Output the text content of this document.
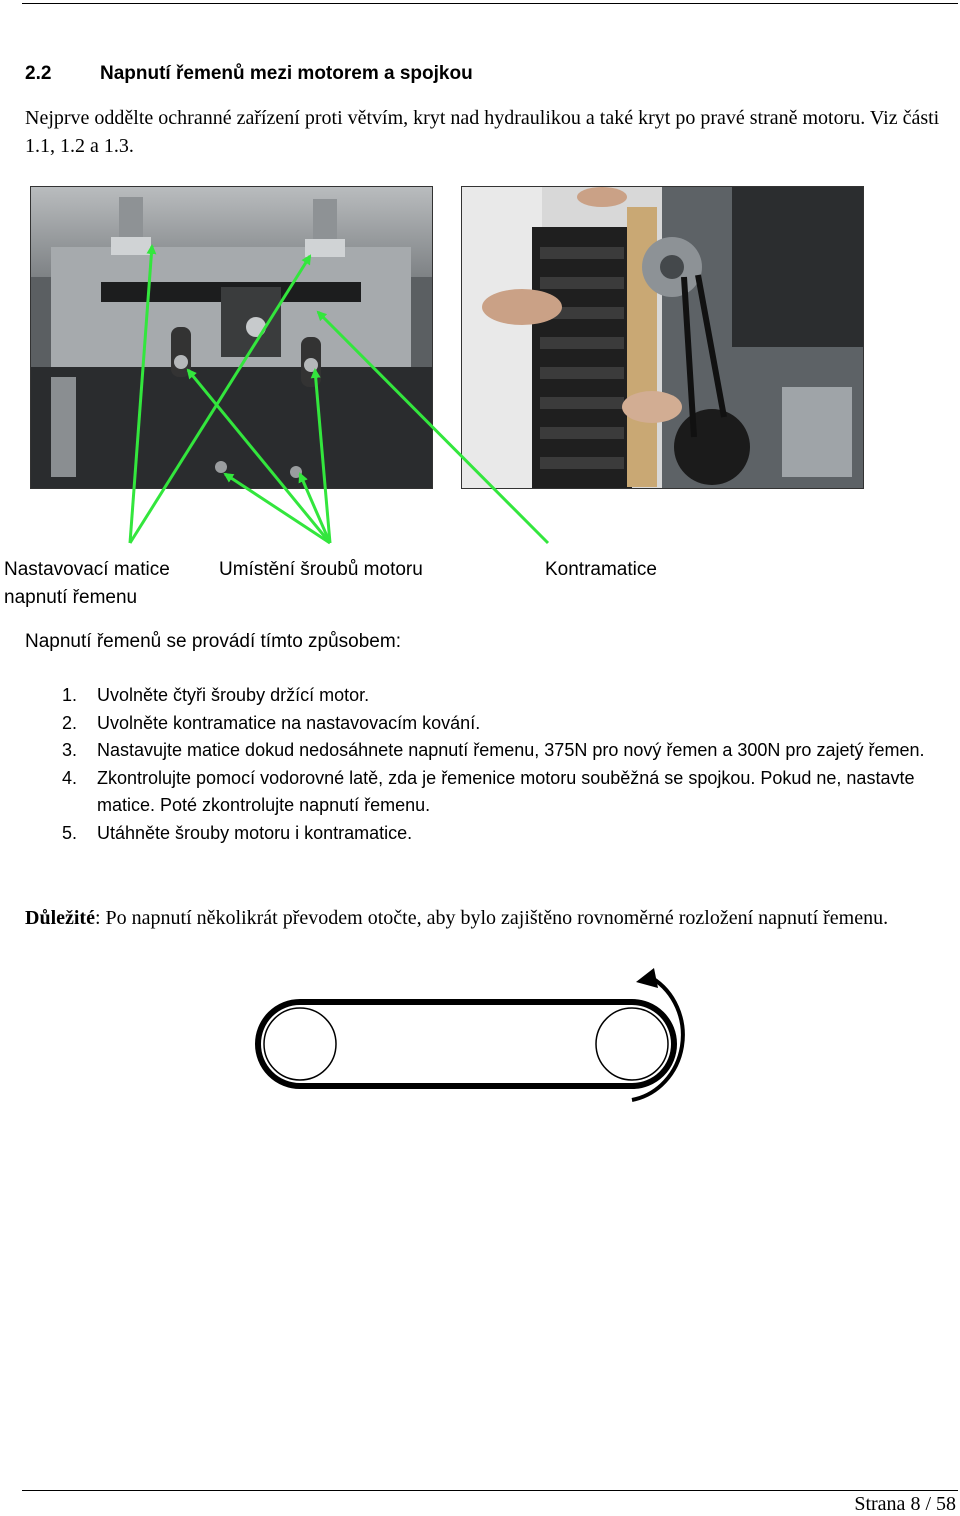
2.2	Napnutí řemenů mezi motorem a spojkou
Nejprve oddělte ochranné zařízení proti větvím, kryt nad hydraulikou a také kryt po pravé straně motoru. Viz části 1.1, 1.2 a 1.3.
Nastavovací matice
napnutí řemenu
Umístění šroubů motoru	Kontramatice
Napnutí řemenů se provádí tímto způsobem:
1. Uvolněte čtyři šrouby držící motor.
2. Uvolněte kontramatice na nastavovacím kování.
3. Nastavujte matice dokud nedosáhnete napnutí řemenu, 375N pro nový řemen a 300N pro zajetý řemen.
4. Zkontrolujte pomocí vodorovné latě, zda je řemenice motoru souběžná se spojkou. Pokud ne, nastavte matice. Poté zkontrolujte napnutí řemenu.
5. Utáhněte šrouby motoru i kontramatice.
Důležité: Po napnutí několikrát převodem otočte, aby bylo zajištěno rovnoměrné rozložení napnutí řemenu.
Strana 8 / 58
